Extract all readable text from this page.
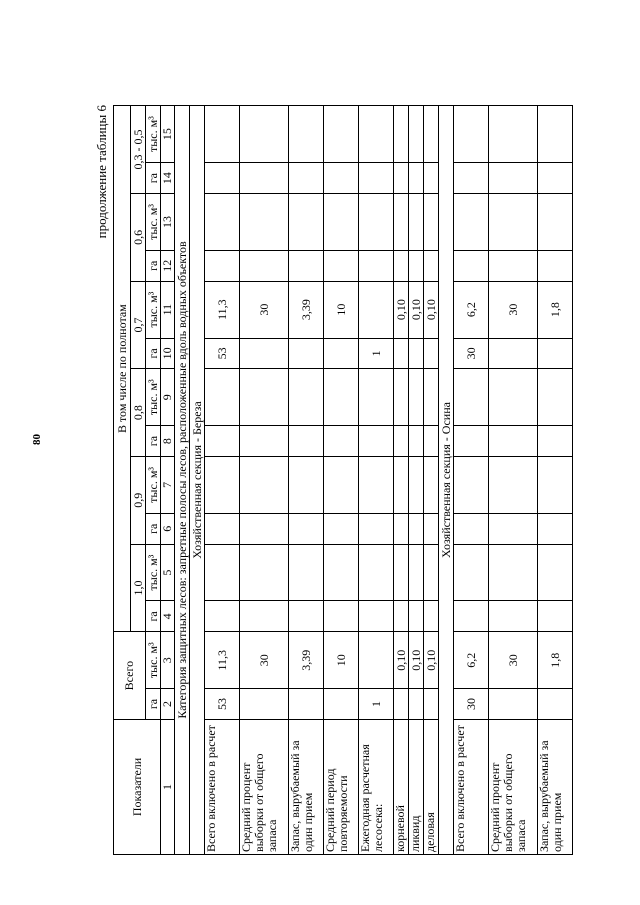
80
продолжение таблицы 6
Показатели	Всего		В том числе по полнотам											
			1,0		0,9		0,8		0,7		0,6		0,3 - 0,5	
	га	тыс. м³	га	тыс. м³	га	тыс. м³	га	тыс. м³	га	тыс. м³	га	тыс. м³	га	тыс. м³
1	2	3	4	5	6	7	8	9	10	11	12	13	14	15
Категория защитных лесов: запретные полосы лесов, расположенные вдоль водных объектов														
Хозяйственная секция - Береза														
Всего включено в расчет	53	11,3							53	11,3				
Средний процент выборки от общего запаса		30								30				
Запас, вырубаемый за один прием		3,39								3,39				
Средний период повторяемости		10								10				
Ежегодная расчетная лесосека:	1								1					
корневой		0,10								0,10				
ликвид		0,10								0,10				
деловая		0,10								0,10				
Хозяйственная секция - Осина														
Всего включено в расчет	30	6,2							30	6,2				
Средний процент выборки от общего запаса		30								30				
Запас, вырубаемый за один прием		1,8								1,8				
